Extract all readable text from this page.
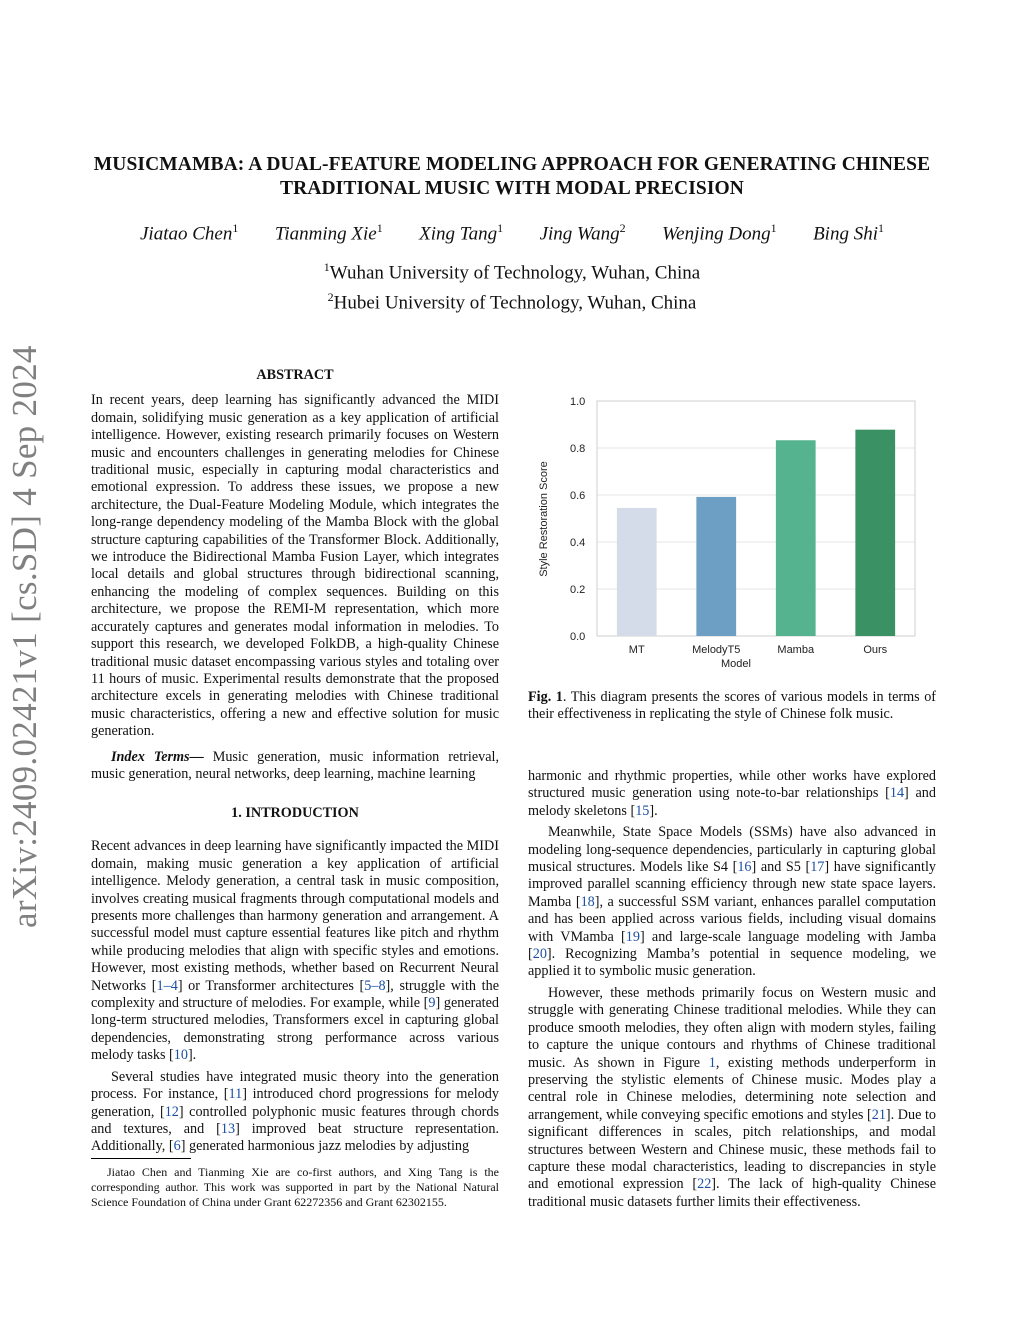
arXiv:2409.02421v1 [cs.SD] 4 Sep 2024
MUSICMAMBA: A DUAL-FEATURE MODELING APPROACH FOR GENERATING CHINESE
TRADITIONAL MUSIC WITH MODAL PRECISION
Jiatao Chen$^1$ Tianming Xie$^1$ Xing Tang$^1$ Jing Wang$^2$ Wenjing Dong$^1$ Bing Shi$^1$
$^1$Wuhan University of Technology, Wuhan, China
$^2$Hubei University of Technology, Wuhan, China
ABSTRACT

In recent years, deep learning has significantly advanced the MIDI domain, solidifying music generation as a key application of artificial intelligence. However, existing research primarily focuses on Western music and encounters challenges in generating melodies for Chinese traditional music, especially in capturing modal characteristics and emotional expression. To address these issues, we propose a new architecture, the Dual-Feature Modeling Module, which integrates the long-range dependency modeling of the Mamba Block with the global structure capturing capabilities of the Transformer Block. Additionally, we introduce the Bidirectional Mamba Fusion Layer, which integrates local details and global structures through bidirectional scanning, enhancing the modeling of complex sequences. Building on this architecture, we propose the REMI-M representation, which more accurately captures and generates modal information in melodies. To support this research, we developed FolkDB, a high-quality Chinese traditional music dataset encompassing various styles and totaling over 11 hours of music. Experimental results demonstrate that the proposed architecture excels in generating melodies with Chinese traditional music characteristics, offering a new and effective solution for music generation.

Index Terms— Music generation, music information retrieval, music generation, neural networks, deep learning, machine learning

1. INTRODUCTION

Recent advances in deep learning have significantly impacted the MIDI domain, making music generation a key application of artificial intelligence. Melody generation, a central task in music composition, involves creating musical fragments through computational models and presents more challenges than harmony generation and arrangement. A successful model must capture essential features like pitch and rhythm while producing melodies that align with specific styles and emotions. However, most existing methods, whether based on Recurrent Neural Networks [1–4] or Transformer architectures [5–8], struggle with the complexity and structure of melodies. For example, while [9] generated long-term structured melodies, Transformers excel in capturing global dependencies, demonstrating strong performance across various melody tasks [10].

Several studies have integrated music theory into the generation process. For instance, [11] introduced chord progressions for melody generation, [12] controlled polyphonic music features through chords and textures, and [13] improved beat structure representation. Additionally, [6] generated harmonious jazz melodies by adjusting

Jiatao Chen and Tianming Xie are co-first authors, and Xing Tang is the corresponding author. This work was supported in part by the National Natural Science Foundation of China under Grant 62272356 and Grant 62302155.

0.0
0.2
0.4
0.6
0.8
1.0
MT	MelodyT5	Mamba	Ours
Model
Style Restoration Score
Fig. 1. This diagram presents the scores of various models in terms of their effectiveness in replicating the style of Chinese folk music.

harmonic and rhythmic properties, while other works have explored structured music generation using note-to-bar relationships [14] and melody skeletons [15].

Meanwhile, State Space Models (SSMs) have also advanced in modeling long-sequence dependencies, particularly in capturing global musical structures. Models like S4 [16] and S5 [17] have significantly improved parallel scanning efficiency through new state space layers. Mamba [18], a successful SSM variant, enhances parallel computation and has been applied across various fields, including visual domains with VMamba [19] and large-scale language modeling with Jamba [20]. Recognizing Mamba’s potential in sequence modeling, we applied it to symbolic music generation.

However, these methods primarily focus on Western music and struggle with generating Chinese traditional melodies. While they can produce smooth melodies, they often align with modern styles, failing to capture the unique contours and rhythms of Chinese traditional music. As shown in Figure 1, existing methods underperform in preserving the stylistic elements of Chinese music. Modes play a central role in Chinese melodies, determining note selection and arrangement, while conveying specific emotions and styles [21]. Due to significant differences in scales, pitch relationships, and modal structures between Western and Chinese music, these methods fail to capture these modal characteristics, leading to discrepancies in style and emotional expression [22]. The lack of high-quality Chinese traditional music datasets further limits their effectiveness.
